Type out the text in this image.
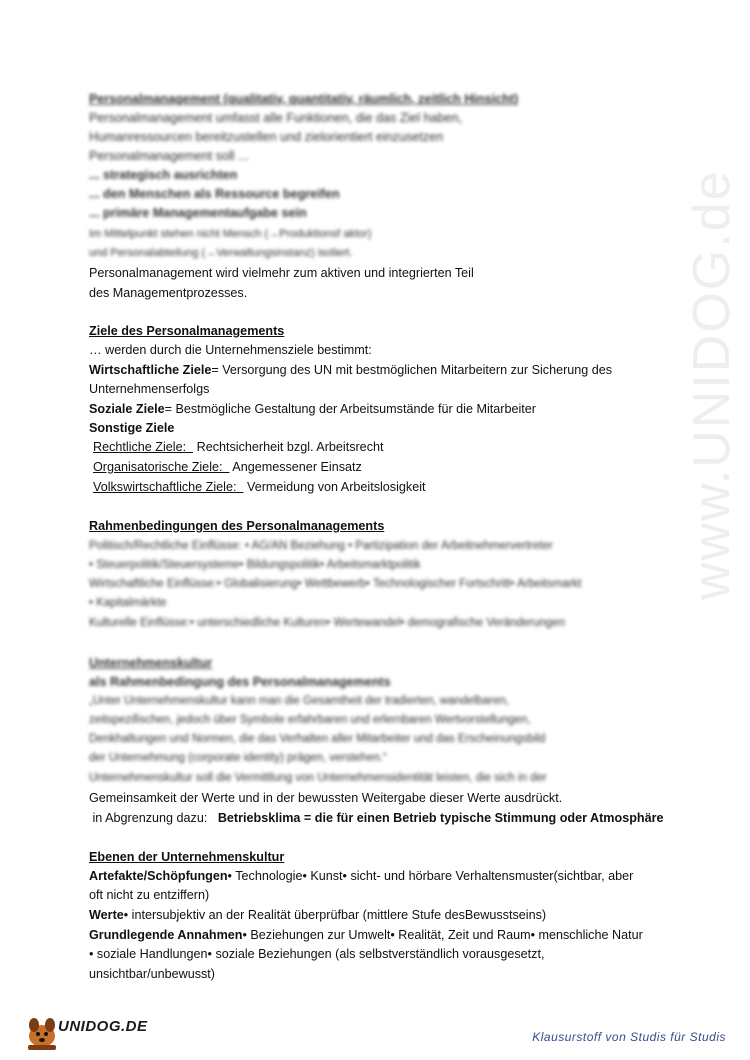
www.UNIDOG.de
Personalmanagement (qualitativ, quantitativ, räumlich, zeitlich Hinsicht)
Personalmanagement umfasst alle Funktionen, die das Ziel haben,
Humanressourcen bereitzustellen und zielorientiert einzusetzen
Personalmanagement soll ...
... strategisch ausrichten
... den Menschen als Ressource begreifen
... primäre Managementaufgabe sein
Im Mittelpunkt stehen nicht Mensch (→Produktionsf aktor)
und Personalabteilung (→Verwaltungsinstanz) isoliert.
Personalmanagement wird vielmehr zum aktiven und integrierten Teil
des Managementprozesses.
Ziele des Personalmanagements
… werden durch die Unternehmensziele bestimmt:
Wirtschaftliche Ziele= Versorgung des UN mit bestmöglichen Mitarbeitern zur Sicherung des
Unternehmenserfolgs
Soziale Ziele= Bestmögliche Gestaltung der Arbeitsumstände für die Mitarbeiter
Sonstige Ziele
Rechtliche Ziele:   Rechtsicherheit bzgl. Arbeitsrecht
Organisatorische Ziele:   Angemessener Einsatz
Volkswirtschaftliche Ziele:   Vermeidung von Arbeitslosigkeit
Rahmenbedingungen des Personalmanagements
Politisch/Rechtliche Einflüsse: • AG/AN Beziehung • Partizipation der Arbeitnehmervertreter
• Steuerpolitik/Steuersysteme• Bildungspolitik• Arbeitsmarktpolitik
Wirtschaftliche Einflüsse:• Globalisierung• Wettbewerb• Technologischer Fortschritt• Arbeitsmarkt
• Kapitalmärkte
Kulturelle Einflüsse:• unterschiedliche Kulturen• Wertewandel• demografische Veränderungen
Unternehmenskultur
als Rahmenbedingung des Personalmanagements
„Unter Unternehmenskultur kann man die Gesamtheit der tradierten, wandelbaren,
zeitspezifischen, jedoch über Symbole erfahrbaren und erlernbaren Wertvorstellungen,
Denkhaltungen und Normen, die das Verhalten aller Mitarbeiter und das Erscheinungsbild
der Unternehmung (corporate identity) prägen, verstehen.“
Unternehmenskultur soll die Vermittlung von Unternehmensidentität leisten, die sich in der
Gemeinsamkeit der Werte und in der bewussten Weitergabe dieser Werte ausdrückt.
in Abgrenzung dazu:   Betriebsklima = die für einen Betrieb typische Stimmung oder Atmosphäre
Ebenen der Unternehmenskultur
Artefakte/Schöpfungen• Technologie• Kunst• sicht- und hörbare Verhaltensmuster(sichtbar, aber
oft nicht zu entziffern)
Werte• intersubjektiv an der Realität überprüfbar (mittlere Stufe desBewusstseins)
Grundlegende Annahmen• Beziehungen zur Umwelt• Realität, Zeit und Raum• menschliche Natur
• soziale Handlungen• soziale Beziehungen (als selbstverständlich vorausgesetzt,
unsichtbar/unbewusst)
UNIDOG.DE
Klausurstoff von Studis für Studis
